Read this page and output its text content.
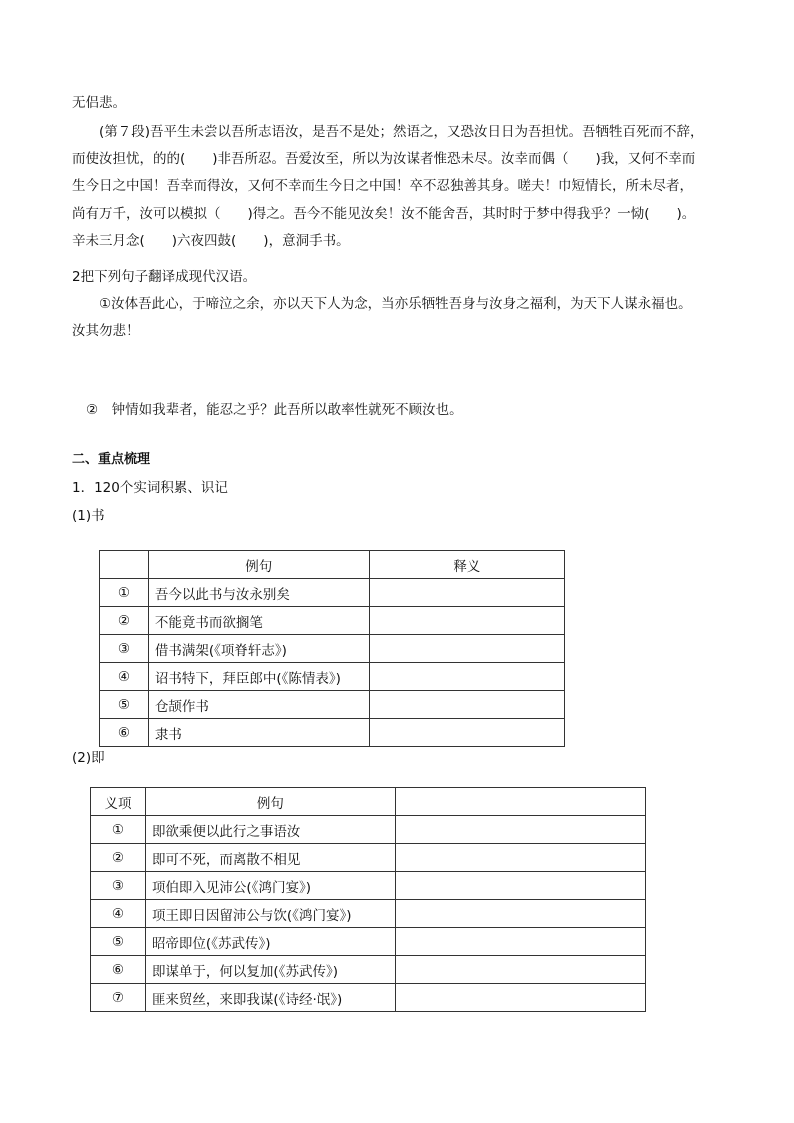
无侣悲。
(第７段)吾平生未尝以吾所志语汝，是吾不是处；然语之，又恐汝日日为吾担忧。吾牺牲百死而不辞，
而使汝担忧，的的(　　)非吾所忍。吾爱汝至，所以为汝谋者惟恐未尽。汝幸而偶（　　)我，又何不幸而
生今日之中国！吾幸而得汝，又何不幸而生今日之中国！卒不忍独善其身。嗟夫！巾短情长，所未尽者，
尚有万千，汝可以模拟（　　)得之。吾今不能见汝矣！汝不能舍吾，其时时于梦中得我乎？一恸(　　)。
辛未三月念(　　)六夜四鼓(　　)，意洞手书。
2把下列句子翻译成现代汉语。
①汝体吾此心，于啼泣之余，亦以天下人为念，当亦乐牺牲吾身与汝身之福利，为天下人谋永福也。
汝其勿悲！
②　钟情如我辈者，能忍之乎？此吾所以敢率性就死不顾汝也。
二、重点梳理
1．120个实词积累、识记
(1)书
	例句	释义
①	吾今以此书与汝永别矣	
②	不能竟书而欲搁笔	
③	借书满架(《项脊轩志》)	
④	诏书特下，拜臣郎中(《陈情表》)	
⑤	仓颉作书	
⑥	隶书	
(2)即
义项	例句	
①	即欲乘便以此行之事语汝	
②	即可不死，而离散不相见	
③	项伯即入见沛公(《鸿门宴》)	
④	项王即日因留沛公与饮(《鸿门宴》)	
⑤	昭帝即位(《苏武传》)	
⑥	即谋单于，何以复加(《苏武传》)	
⑦	匪来贸丝，来即我谋(《诗经·氓》)	
